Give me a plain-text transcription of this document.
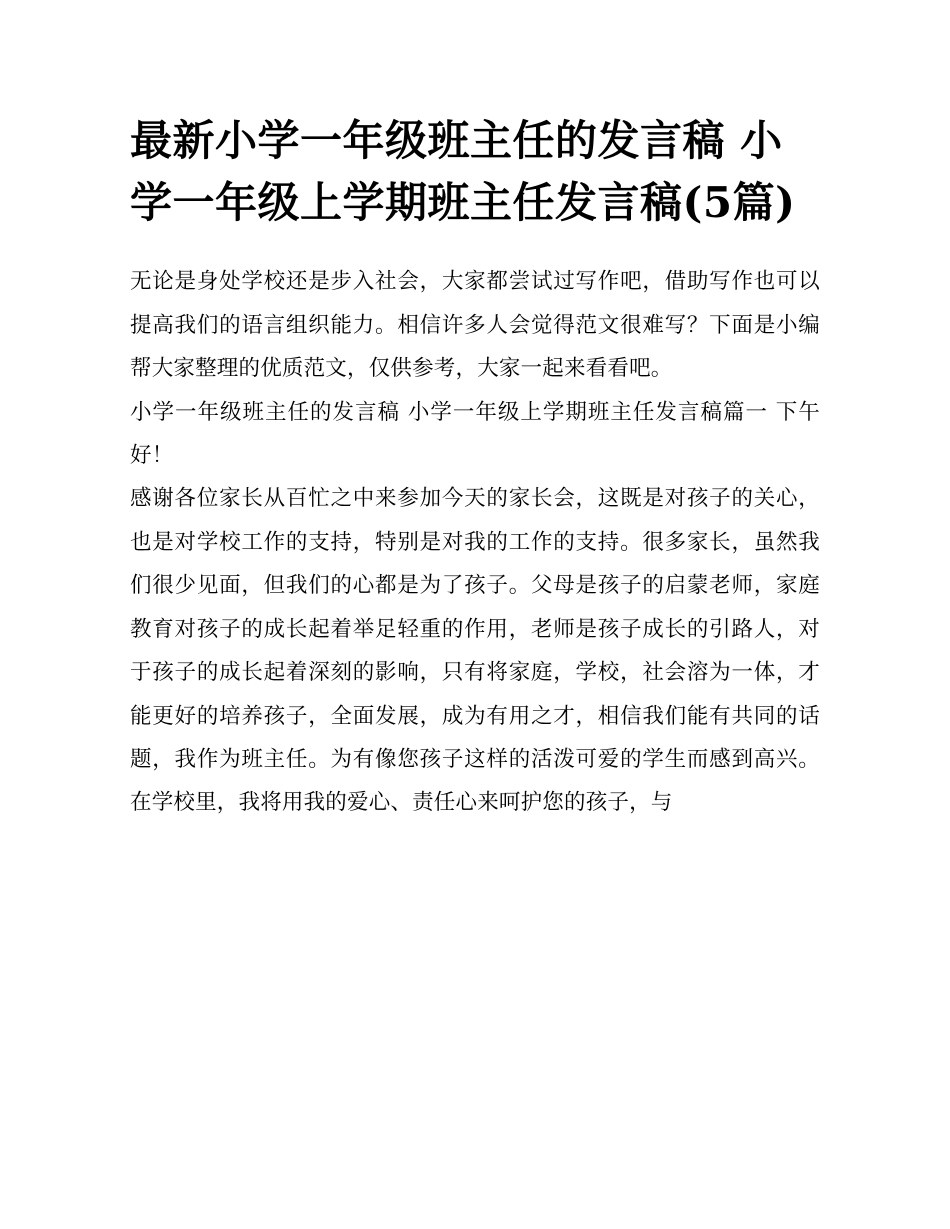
最新小学一年级班主任的发言稿 小学一年级上学期班主任发言稿(5篇)

无论是身处学校还是步入社会，大家都尝试过写作吧，借助写作也可以提高我们的语言组织能力。相信许多人会觉得范文很难写？下面是小编帮大家整理的优质范文，仅供参考，大家一起来看看吧。

小学一年级班主任的发言稿 小学一年级上学期班主任发言稿篇一 下午好！

感谢各位家长从百忙之中来参加今天的家长会，这既是对孩子的关心，也是对学校工作的支持，特别是对我的工作的支持。很多家长，虽然我们很少见面，但我们的心都是为了孩子。父母是孩子的启蒙老师，家庭教育对孩子的成长起着举足轻重的作用，老师是孩子成长的引路人，对于孩子的成长起着深刻的影响，只有将家庭，学校，社会溶为一体，才能更好的培养孩子，全面发展，成为有用之才，相信我们能有共同的话题，我作为班主任。为有像您孩子这样的活泼可爱的学生而感到高兴。在学校里，我将用我的爱心、责任心来呵护您的孩子，与
